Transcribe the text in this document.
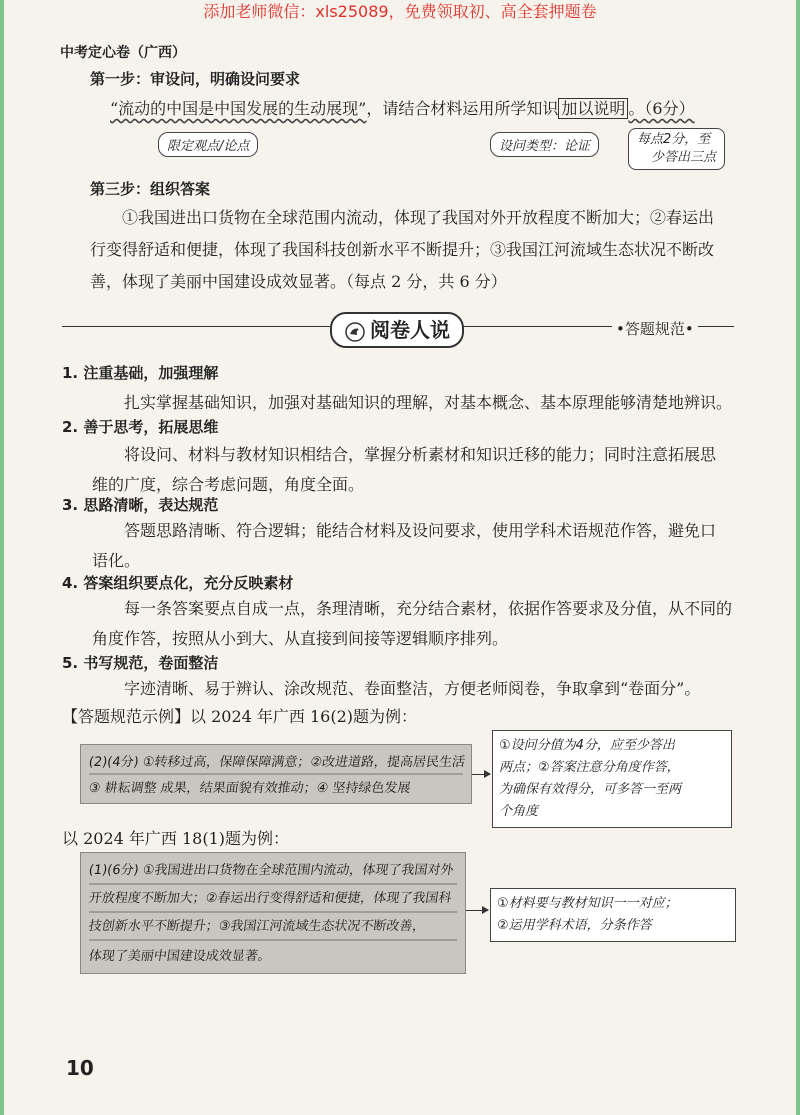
添加老师微信：xls25089，免费领取初、高全套押题卷
中考定心卷（广西）
第一步：审设问，明确设问要求
“流动的中国是中国发展的生动展现”，请结合材料运用所学知识 加以说明 。（6分）
限定观点/论点	设问类型：论证	每点2分，至
少答出三点
第三步：组织答案
①我国进出口货物在全球范围内流动，体现了我国对外开放程度不断加大；②春运出
行变得舒适和便捷，体现了我国科技创新水平不断提升；③我国江河流域生态状况不断改
善，体现了美丽中国建设成效显著。（每点 2 分，共 6 分）
阅卷人说	•答题规范•
1. 注重基础，加强理解
扎实掌握基础知识，加强对基础知识的理解，对基本概念、基本原理能够清楚地辨识。
2. 善于思考，拓展思维
将设问、材料与教材知识相结合，掌握分析素材和知识迁移的能力；同时注意拓展思
维的广度，综合考虑问题，角度全面。
3. 思路清晰，表达规范
答题思路清晰、符合逻辑；能结合材料及设问要求，使用学科术语规范作答，避免口
语化。
4. 答案组织要点化，充分反映素材
每一条答案要点自成一点，条理清晰，充分结合素材，依据作答要求及分值，从不同的
角度作答，按照从小到大、从直接到间接等逻辑顺序排列。
5. 书写规范，卷面整洁
字迹清晰、易于辨认、涂改规范、卷面整洁，方便老师阅卷，争取拿到“卷面分”。
【答题规范示例】以 2024 年广西 16(2)题为例：
(2)(4分) ①转移过高，保障保障满意；②改进道路，提高居民生活
③ 耕耘调整 成果，结果面貌有效推动；④ 坚持绿色发展
①设问分值为4分，应至少答出
两点；②答案注意分角度作答，
为确保有效得分，可多答一至两
个角度
以 2024 年广西 18(1)题为例：
(1)(6分) ①我国进出口货物在全球范围内流动，体现了我国对外
开放程度不断加大；②春运出行变得舒适和便捷，体现了我国科
技创新水平不断提升；③我国江河流域生态状况不断改善，
体现了美丽中国建设成效显著。
①材料要与教材知识一一对应；
②运用学科术语，分条作答
10
